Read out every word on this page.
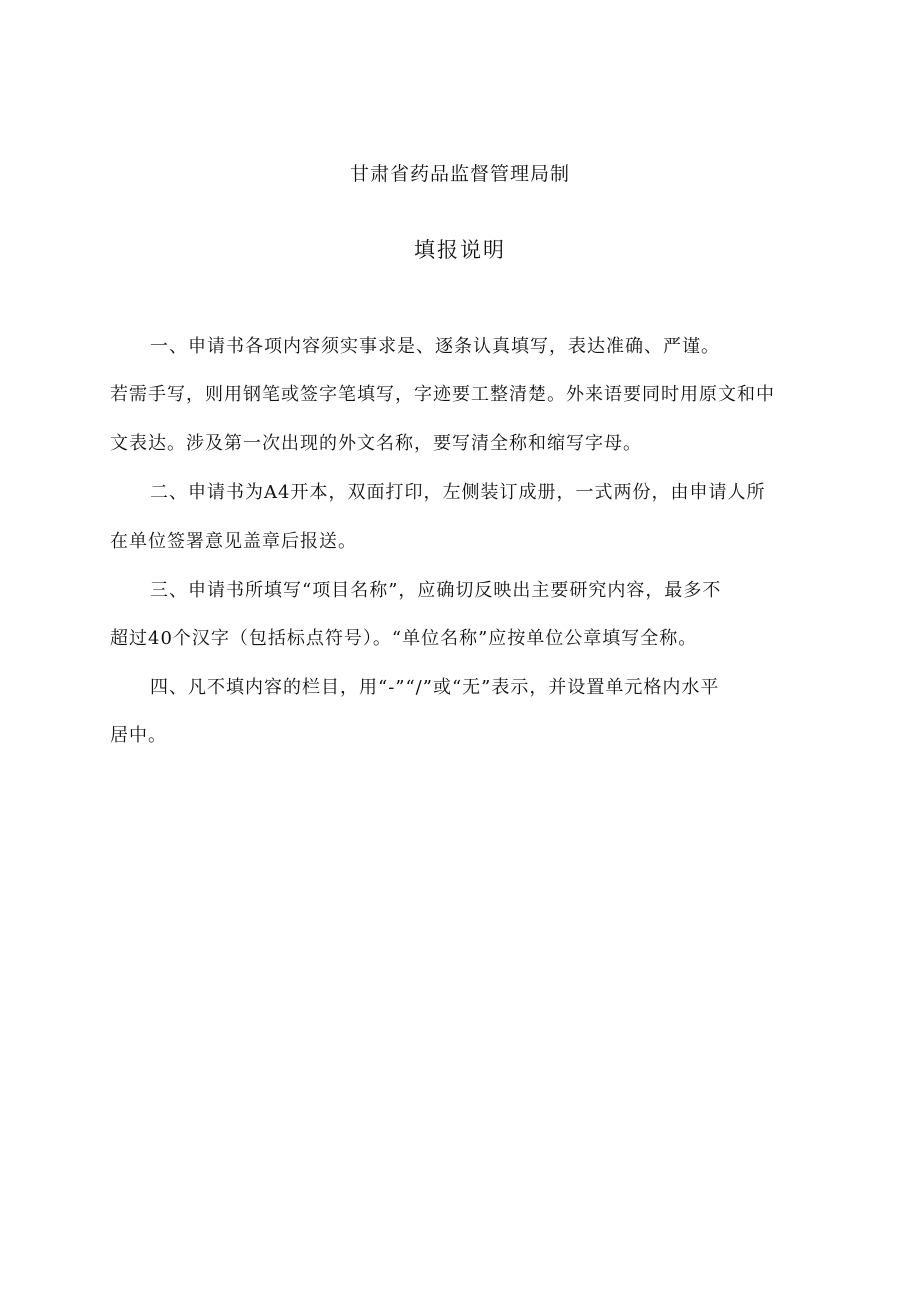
甘肃省药品监督管理局制
填报说明
一、申请书各项内容须实事求是、逐条认真填写，表达准确、严谨。
若需手写，则用钢笔或签字笔填写，字迹要工整清楚。外来语要同时用原文和中
文表达。涉及第一次出现的外文名称，要写清全称和缩写字母。
二、申请书为A4开本，双面打印，左侧装订成册，一式两份，由申请人所
在单位签署意见盖章后报送。
三、申请书所填写“项目名称”，应确切反映出主要研究内容，最多不
超过40个汉字（包括标点符号）。“单位名称”应按单位公章填写全称。
四、凡不填内容的栏目，用“-”“/”或“无”表示，并设置单元格内水平
居中。
